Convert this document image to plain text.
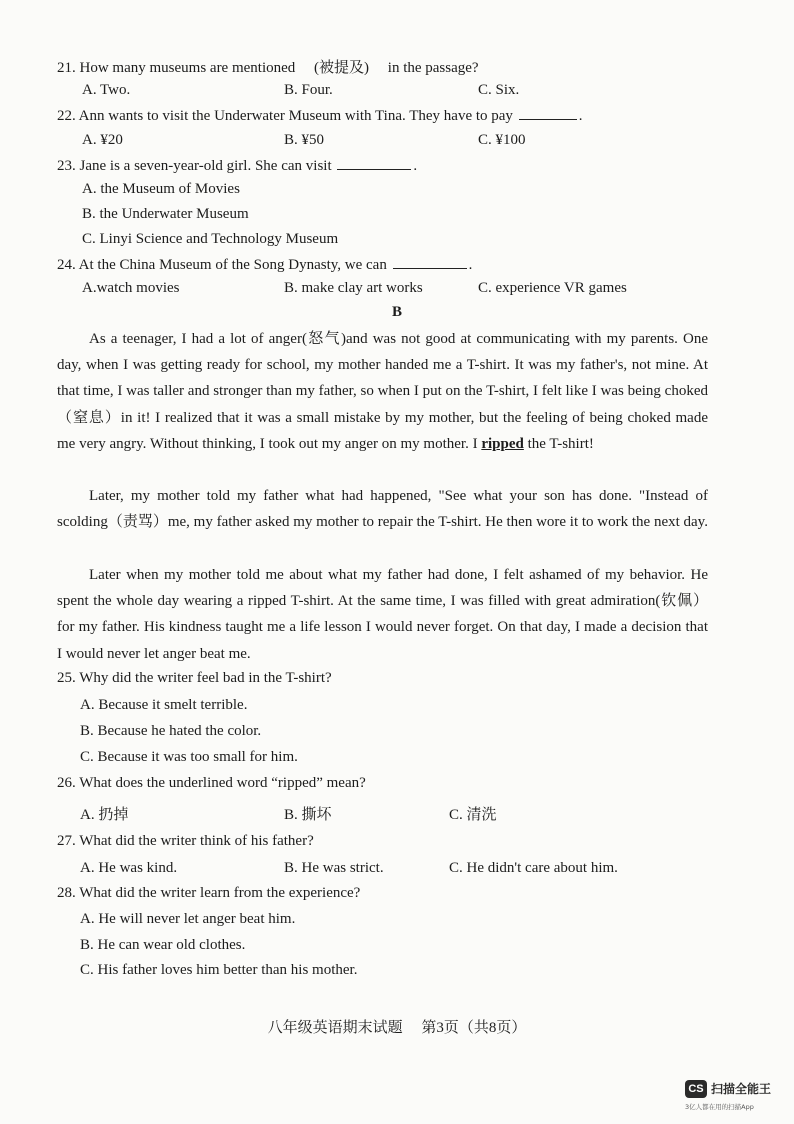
21. How many museums are mentioned 　(被提及)　 in the passage?
A. Two.	B. Four.	C. Six.
22. Ann wants to visit the Underwater Museum with Tina. They have to pay	.
A. ¥20	B. ¥50	C. ¥100
23. Jane is a seven-year-old girl. She can visit	.
A. the Museum of Movies
B. the Underwater Museum
C. Linyi Science and Technology Museum
24. At the China Museum of the Song Dynasty, we can	.
A.watch movies	B. make clay art works	C. experience VR games
B
As a teenager, I had a lot of anger(怒气)and was not good at communicating with my parents. One day, when I was getting ready for school, my mother handed me a T-shirt. It was my father's, not mine. At that time, I was taller and stronger than my father, so when I put on the T-shirt, I felt like I was being choked（窒息）in it! I realized that it was a small mistake by my mother, but the feeling of being choked made me very angry. Without thinking, I took out my anger on my mother. I ripped the T-shirt!
Later, my mother told my father what had happened, "See what your son has done. "Instead of scolding（责骂）me, my father asked my mother to repair the T-shirt. He then wore it to work the next day.
Later when my mother told me about what my father had done, I felt ashamed of my behavior. He spent the whole day wearing a ripped T-shirt. At the same time, I was filled with great admiration(钦佩）for my father. His kindness taught me a life lesson I would never forget. On that day, I made a decision that I would never let anger beat me.
25. Why did the writer feel bad in the T-shirt?
A. Because it smelt terrible.
B. Because he hated the color.
C. Because it was too small for him.
26. What does the underlined word “ripped” mean?
A. 扔掉	B. 撕坏	C. 清洗
27. What did the writer think of his father?
A. He was kind.	B. He was strict.	C. He didn't care about him.
28. What did the writer learn from the experience?
A. He will never let anger beat him.
B. He can wear old clothes.
C. His father loves him better than his mother.
八年级英语期末试题　 第3页（共8页）
CS 扫描全能王
3亿人都在用的扫描App
